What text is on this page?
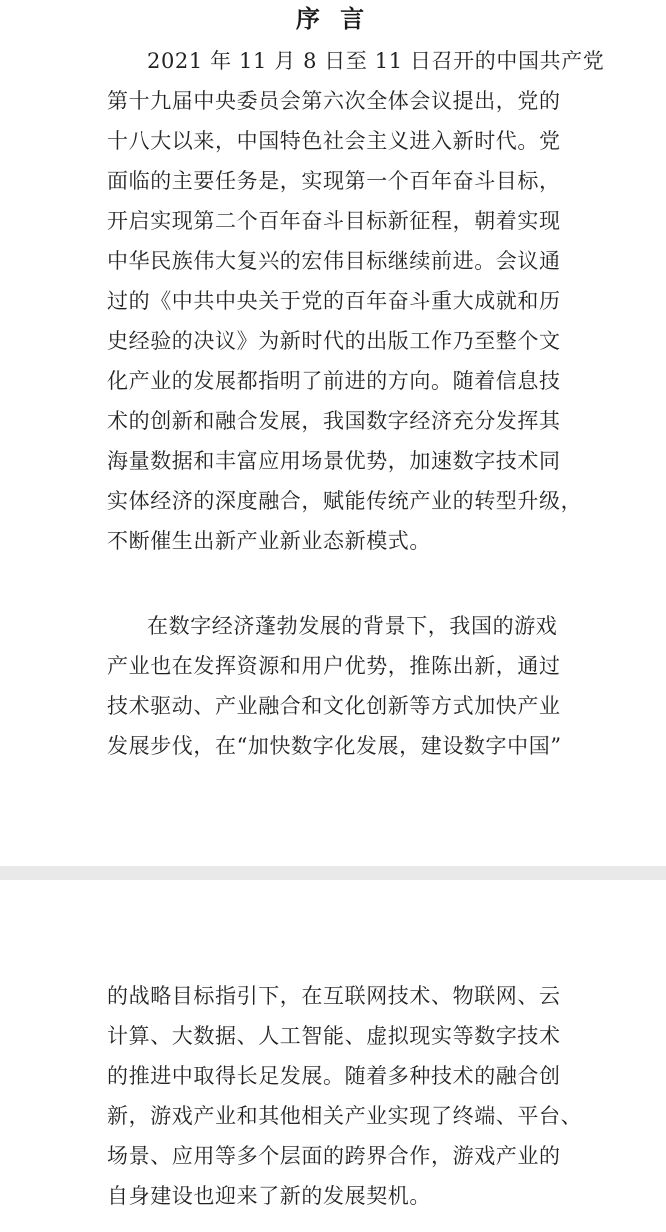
序 言

2021 年 11 月 8 日至 11 日召开的中国共产党
第十九届中央委员会第六次全体会议提出，党的
十八大以来，中国特色社会主义进入新时代。党
面临的主要任务是，实现第一个百年奋斗目标，
开启实现第二个百年奋斗目标新征程，朝着实现
中华民族伟大复兴的宏伟目标继续前进。会议通
过的《中共中央关于党的百年奋斗重大成就和历
史经验的决议》为新时代的出版工作乃至整个文
化产业的发展都指明了前进的方向。随着信息技
术的创新和融合发展，我国数字经济充分发挥其
海量数据和丰富应用场景优势，加速数字技术同
实体经济的深度融合，赋能传统产业的转型升级，
不断催生出新产业新业态新模式。

在数字经济蓬勃发展的背景下，我国的游戏
产业也在发挥资源和用户优势，推陈出新，通过
技术驱动、产业融合和文化创新等方式加快产业
发展步伐，在“加快数字化发展，建设数字中国”

的战略目标指引下，在互联网技术、物联网、云
计算、大数据、人工智能、虚拟现实等数字技术
的推进中取得长足发展。随着多种技术的融合创
新，游戏产业和其他相关产业实现了终端、平台、
场景、应用等多个层面的跨界合作，游戏产业的
自身建设也迎来了新的发展契机。
